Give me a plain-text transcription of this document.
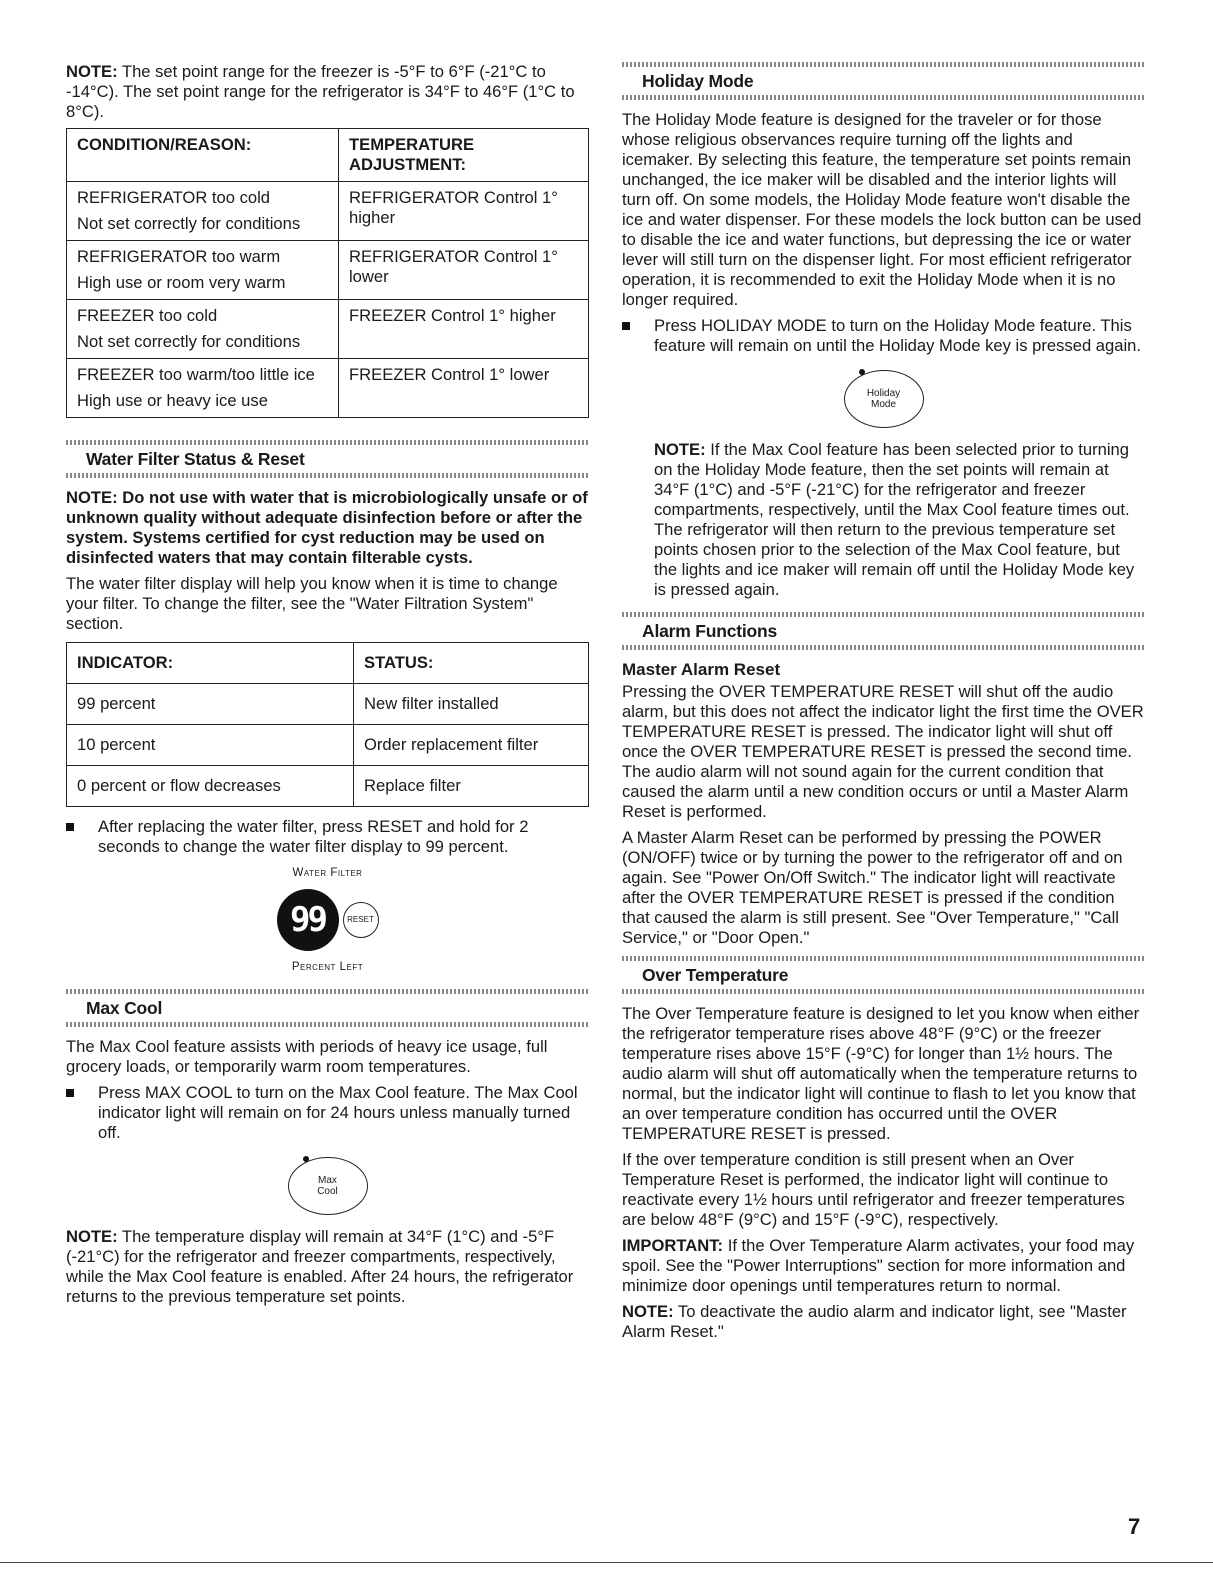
NOTE: The set point range for the freezer is -5°F to 6°F (-21°C to -14°C). The set point range for the refrigerator is 34°F to 46°F (1°C to 8°C).

CONDITION/REASON:	TEMPERATURE ADJUSTMENT:

REFRIGERATOR too cold
Not set correctly for conditions	REFRIGERATOR Control 1° higher

REFRIGERATOR too warm
High use or room very warm	REFRIGERATOR Control 1° lower

FREEZER too cold
Not set correctly for conditions	FREEZER Control 1° higher

FREEZER too warm/too little ice
High use or heavy ice use	FREEZER Control 1° lower
Water Filter Status & Reset

NOTE: Do not use with water that is microbiologically unsafe or of unknown quality without adequate disinfection before or after the system. Systems certified for cyst reduction may be used on disinfected waters that may contain filterable cysts.

The water filter display will help you know when it is time to change your filter. To change the filter, see the "Water Filtration System" section.

INDICATOR:	STATUS:
99 percent	New filter installed
10 percent	Order replacement filter
0 percent or flow decreases	Replace filter
After replacing the water filter, press RESET and hold for 2 seconds to change the water filter display to 99 percent.
Water Filter
99	RESET
Percent Left
Max Cool

The Max Cool feature assists with periods of heavy ice usage, full grocery loads, or temporarily warm room temperatures.

Press MAX COOL to turn on the Max Cool feature. The Max Cool indicator light will remain on for 24 hours unless manually turned off.
Max
Cool

NOTE: The temperature display will remain at 34°F (1°C) and -5°F (-21°C) for the refrigerator and freezer compartments, respectively, while the Max Cool feature is enabled. After 24 hours, the refrigerator returns to the previous temperature set points.

Holiday Mode

The Holiday Mode feature is designed for the traveler or for those whose religious observances require turning off the lights and icemaker. By selecting this feature, the temperature set points remain unchanged, the ice maker will be disabled and the interior lights will turn off. On some models, the Holiday Mode feature won't disable the ice and water dispenser. For these models the lock button can be used to disable the ice and water functions, but depressing the ice or water lever will still turn on the dispenser light. For most efficient refrigerator operation, it is recommended to exit the Holiday Mode when it is no longer required.

Press HOLIDAY MODE to turn on the Holiday Mode feature. This feature will remain on until the Holiday Mode key is pressed again.
Holiday
Mode

NOTE: If the Max Cool feature has been selected prior to turning on the Holiday Mode feature, then the set points will remain at 34°F (1°C) and -5°F (-21°C) for the refrigerator and freezer compartments, respectively, until the Max Cool feature times out. The refrigerator will then return to the previous temperature set points chosen prior to the selection of the Max Cool feature, but the lights and ice maker will remain off until the Holiday Mode key is pressed again.

Alarm Functions
Master Alarm Reset

Pressing the OVER TEMPERATURE RESET will shut off the audio alarm, but this does not affect the indicator light the first time the OVER TEMPERATURE RESET is pressed. The indicator light will shut off once the OVER TEMPERATURE RESET is pressed the second time. The audio alarm will not sound again for the current condition that caused the alarm until a new condition occurs or until a Master Alarm Reset is performed.

A Master Alarm Reset can be performed by pressing the POWER (ON/OFF) twice or by turning the power to the refrigerator off and on again. See "Power On/Off Switch." The indicator light will reactivate after the OVER TEMPERATURE RESET is pressed if the condition that caused the alarm is still present. See "Over Temperature," "Call Service," or "Door Open."

Over Temperature

The Over Temperature feature is designed to let you know when either the refrigerator temperature rises above 48°F (9°C) or the freezer temperature rises above 15°F (-9°C) for longer than 1½ hours. The audio alarm will shut off automatically when the temperature returns to normal, but the indicator light will continue to flash to let you know that an over temperature condition has occurred until the OVER TEMPERATURE RESET is pressed.

If the over temperature condition is still present when an Over Temperature Reset is performed, the indicator light will continue to reactivate every 1½ hours until refrigerator and freezer temperatures are below 48°F (9°C) and 15°F (-9°C), respectively.

IMPORTANT: If the Over Temperature Alarm activates, your food may spoil. See the "Power Interruptions" section for more information and minimize door openings until temperatures return to normal.

NOTE: To deactivate the audio alarm and indicator light, see "Master Alarm Reset."

7
